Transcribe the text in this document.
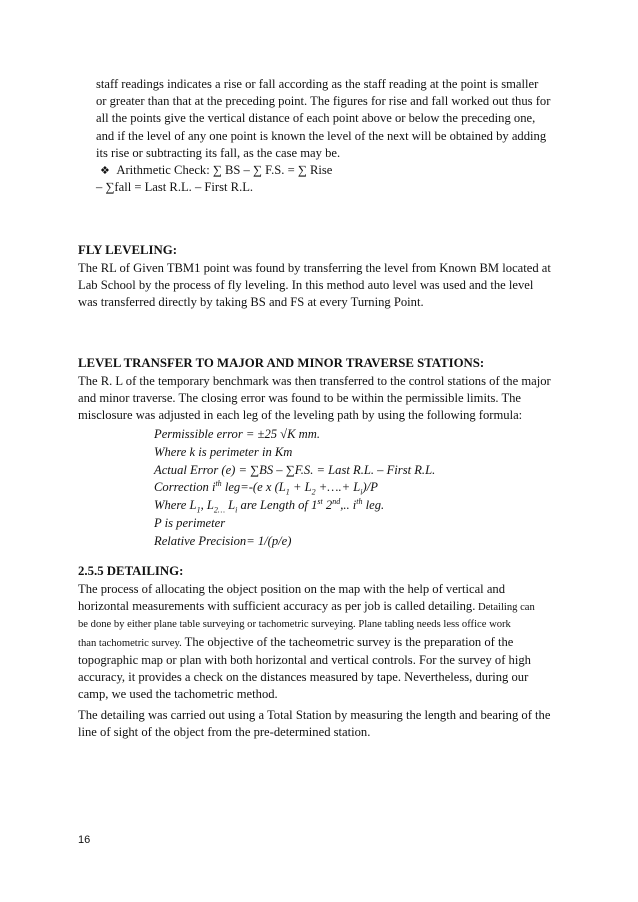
staff readings indicates a rise or fall according as the staff reading at the point is smaller
or greater than that at the preceding point. The figures for rise and fall worked out thus for
all the points give the vertical distance of each point above or below the preceding one,
and if the level of any one point is known the level of the next will be obtained by adding
its rise or subtracting its fall, as the case may be.
❖ Arithmetic Check: ∑ BS – ∑ F.S. = ∑ Rise
– ∑fall = Last R.L. – First R.L.
FLY LEVELING:
The RL of Given TBM1 point was found by transferring the level from Known BM located at
Lab School by the process of fly leveling. In this method auto level was used and the level
was transferred directly by taking BS and FS at every Turning Point.
LEVEL TRANSFER TO MAJOR AND MINOR TRAVERSE STATIONS:
The R. L of the temporary benchmark was then transferred to the control stations of the major
and minor traverse. The closing error was found to be within the permissible limits. The
misclosure was adjusted in each leg of the leveling path by using the following formula:
Permissible error = ±25 √K mm.
Where k is perimeter in Km
Actual Error (e) = ∑BS – ∑F.S. = Last R.L. – First R.L.
Correction $i^{th}$ leg=-(e x ($L_1 + L_2$ +….+ $L_i)/P$
Where $L_1$, $L_{2\dots}$ $L_i$ are Length of 1st 2nd,.. $i^{th}$ leg.
P is perimeter
Relative Precision= 1/(p/e)
2.5.5 DETAILING:
The process of allocating the object position on the map with the help of vertical and
horizontal measurements with sufficient accuracy as per job is called detailing. Detailing can
be done by either plane table surveying or tachometric surveying. Plane tabling needs less office work
than tachometric survey. The objective of the tacheometric survey is the preparation of the
topographic map or plan with both horizontal and vertical controls. For the survey of high
accuracy, it provides a check on the distances measured by tape. Nevertheless, during our
camp, we used the tachometric method.
The detailing was carried out using a Total Station by measuring the length and bearing of the
line of sight of the object from the pre-determined station.
16
